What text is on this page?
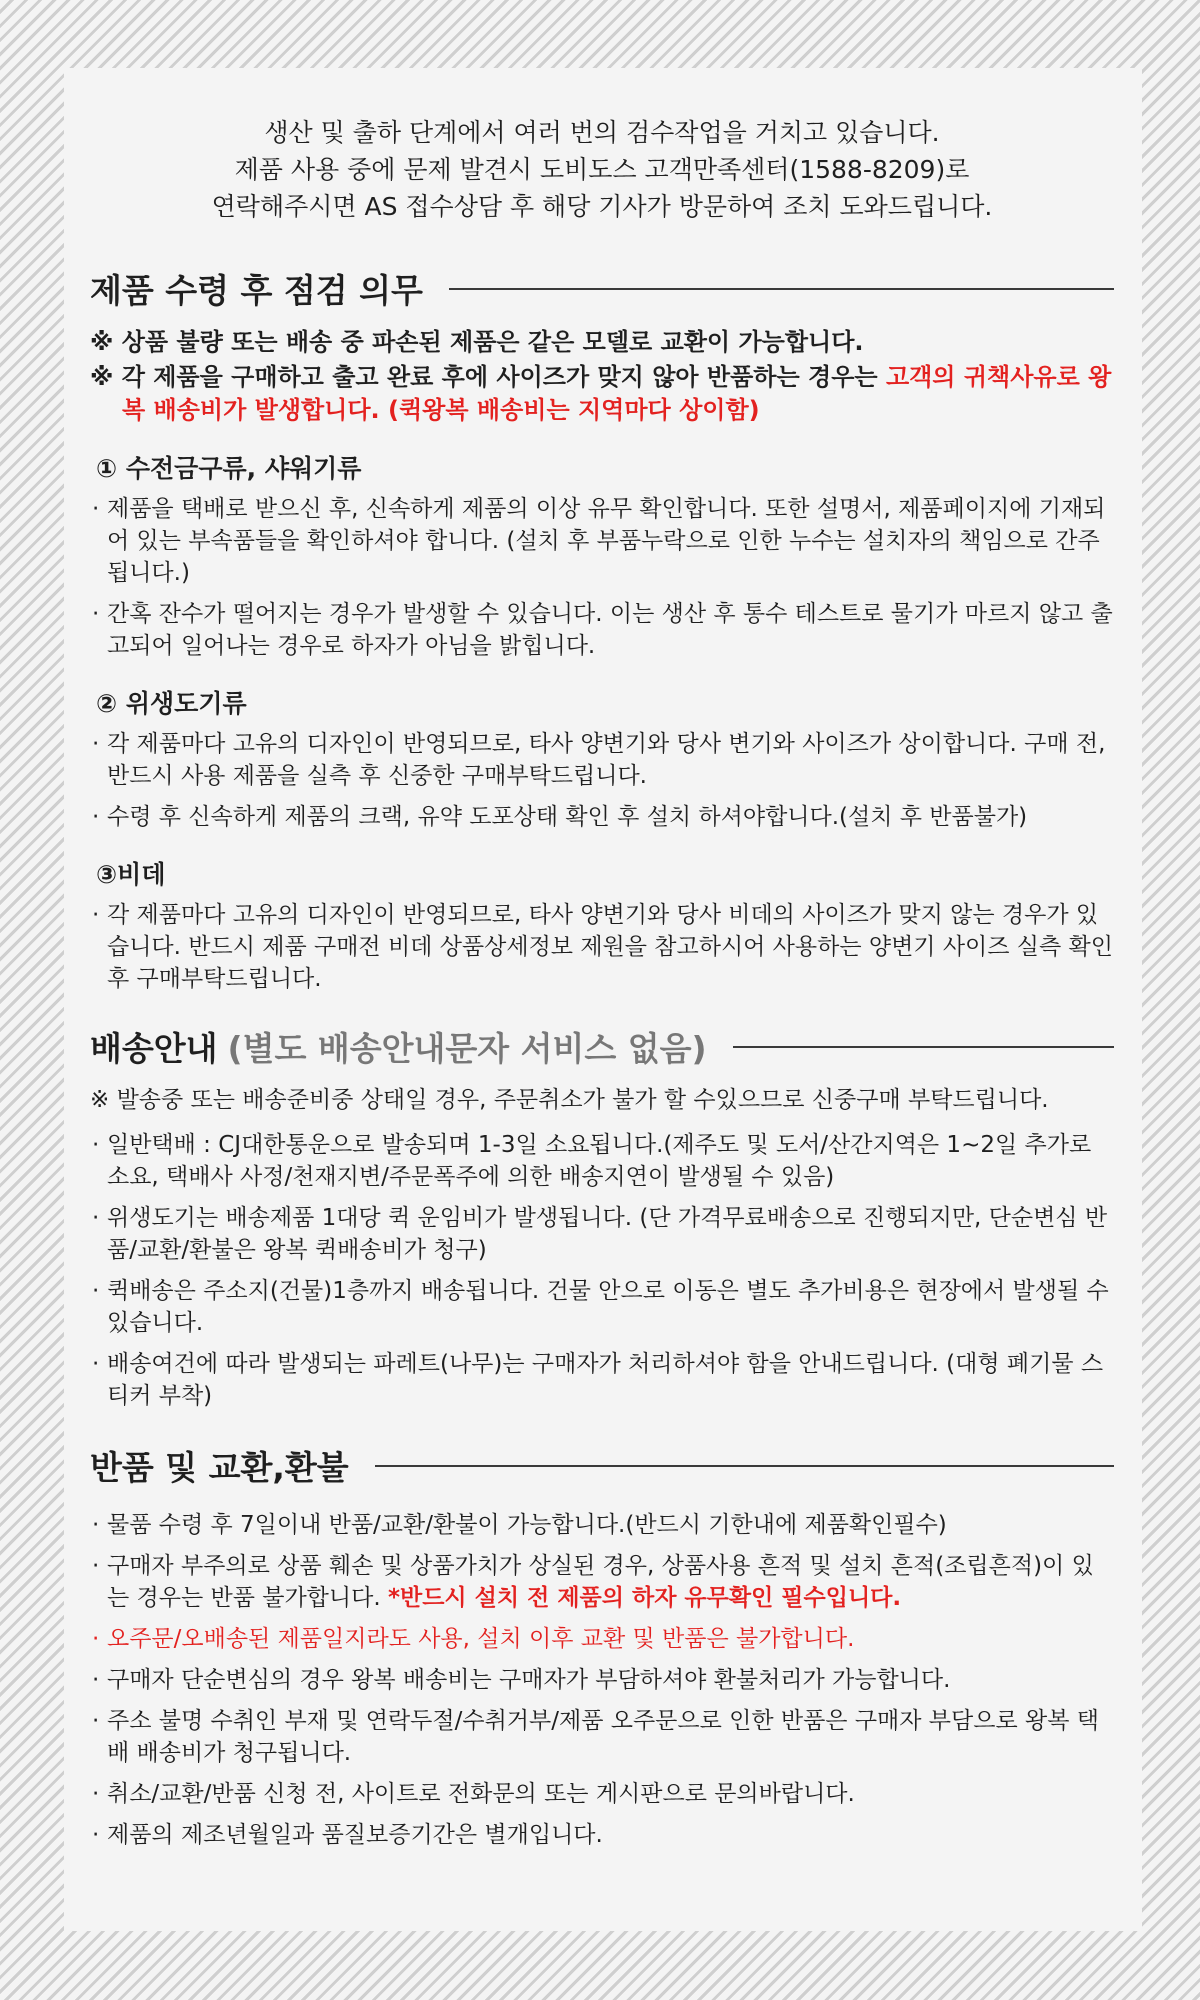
생산 및 출하 단계에서 여러 번의 검수작업을 거치고 있습니다.

제품 사용 중에 문제 발견시 도비도스 고객만족센터(1588-8209)로

연락해주시면 AS 접수상담 후 해당 기사가 방문하여 조치 도와드립니다.

제품 수령 후 점검 의무

※ 상품 불량 또는 배송 중 파손된 제품은 같은 모델로 교환이 가능합니다.

※ 각 제품을 구매하고 출고 완료 후에 사이즈가 맞지 않아 반품하는 경우는 고객의 귀책사유로 왕복 배송비가 발생합니다. (퀵왕복 배송비는 지역마다 상이함)

① 수전금구류, 샤워기류
· 제품을 택배로 받으신 후, 신속하게 제품의 이상 유무 확인합니다. 또한 설명서, 제품페이지에 기재되어 있는 부속품들을 확인하셔야 합니다. (설치 후 부품누락으로 인한 누수는 설치자의 책임으로 간주됩니다.)
· 간혹 잔수가 떨어지는 경우가 발생할 수 있습니다. 이는 생산 후 통수 테스트로 물기가 마르지 않고 출고되어 일어나는 경우로 하자가 아님을 밝힙니다.
② 위생도기류
· 각 제품마다 고유의 디자인이 반영되므로, 타사 양변기와 당사 변기와 사이즈가 상이합니다. 구매 전, 반드시 사용 제품을 실측 후 신중한 구매부탁드립니다.
· 수령 후 신속하게 제품의 크랙, 유약 도포상태 확인 후 설치 하셔야합니다.(설치 후 반품불가)
③비데
· 각 제품마다 고유의 디자인이 반영되므로, 타사 양변기와 당사 비데의 사이즈가 맞지 않는 경우가 있습니다. 반드시 제품 구매전 비데 상품상세정보 제원을 참고하시어 사용하는 양변기 사이즈 실측 확인 후 구매부탁드립니다.
배송안내 (별도 배송안내문자 서비스 없음)

※ 발송중 또는 배송준비중 상태일 경우, 주문취소가 불가 할 수있으므로 신중구매 부탁드립니다.

· 일반택배 : CJ대한통운으로 발송되며 1-3일 소요됩니다.(제주도 및 도서/산간지역은 1~2일 추가로 소요, 택배사 사정/천재지변/주문폭주에 의한 배송지연이 발생될 수 있음)
· 위생도기는 배송제품 1대당 퀵 운임비가 발생됩니다. (단 가격무료배송으로 진행되지만, 단순변심 반품/교환/환불은 왕복 퀵배송비가 청구)
· 퀵배송은 주소지(건물)1층까지 배송됩니다. 건물 안으로 이동은 별도 추가비용은 현장에서 발생될 수 있습니다.
· 배송여건에 따라 발생되는 파레트(나무)는 구매자가 처리하셔야 함을 안내드립니다. (대형 폐기물 스티커 부착)
반품 및 교환,환불
· 물품 수령 후 7일이내 반품/교환/환불이 가능합니다.(반드시 기한내에 제품확인필수)
· 구매자 부주의로 상품 훼손 및 상품가치가 상실된 경우, 상품사용 흔적 및 설치 흔적(조립흔적)이 있는 경우는 반품 불가합니다. *반드시 설치 전 제품의 하자 유무확인 필수입니다.
· 오주문/오배송된 제품일지라도 사용, 설치 이후 교환 및 반품은 불가합니다.
· 구매자 단순변심의 경우 왕복 배송비는 구매자가 부담하셔야 환불처리가 가능합니다.
· 주소 불명 수취인 부재 및 연락두절/수취거부/제품 오주문으로 인한 반품은 구매자 부담으로 왕복 택배 배송비가 청구됩니다.
· 취소/교환/반품 신청 전, 사이트로 전화문의 또는 게시판으로 문의바랍니다.
· 제품의 제조년월일과 품질보증기간은 별개입니다.
